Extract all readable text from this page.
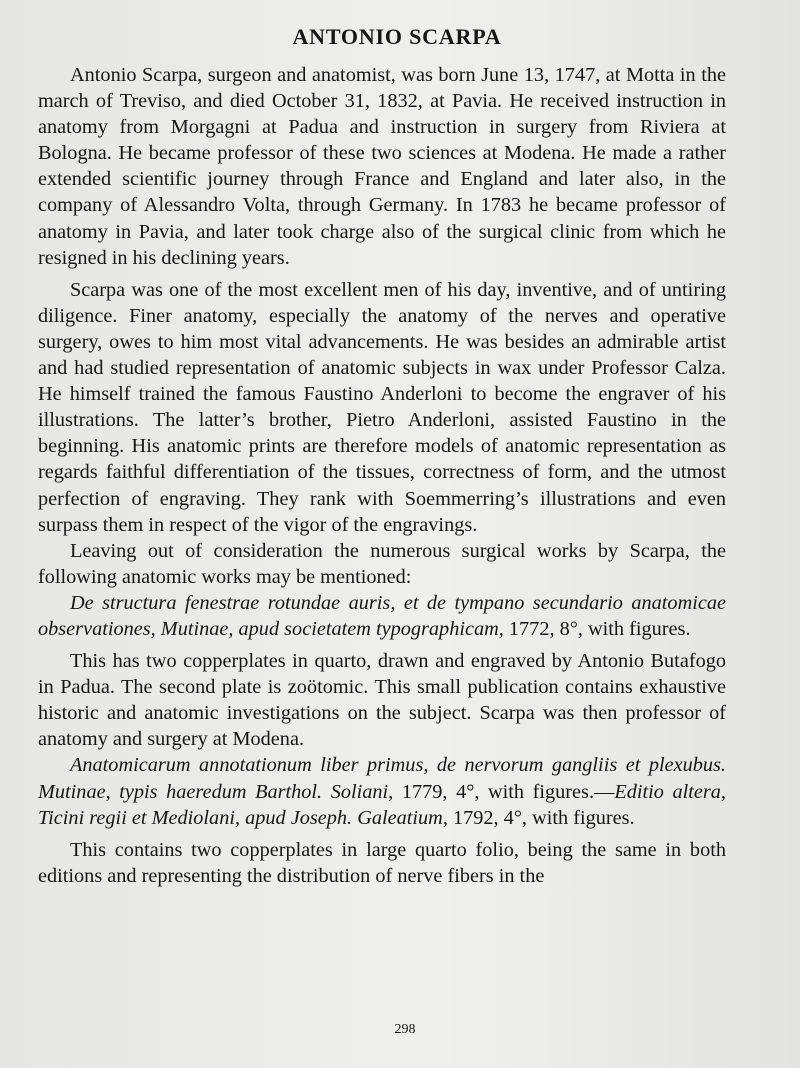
ANTONIO SCARPA

Antonio Scarpa, surgeon and anatomist, was born June 13, 1747, at Motta in the march of Treviso, and died October 31, 1832, at Pavia. He received instruction in anatomy from Morgagni at Padua and instruction in surgery from Riviera at Bologna. He became professor of these two sciences at Modena. He made a rather extended scientific journey through France and England and later also, in the company of Alessandro Volta, through Germany. In 1783 he became professor of anatomy in Pavia, and later took charge also of the surgical clinic from which he resigned in his declining years.

Scarpa was one of the most excellent men of his day, inventive, and of untiring diligence. Finer anatomy, especially the anatomy of the nerves and operative surgery, owes to him most vital advancements. He was besides an admirable artist and had studied representation of anatomic subjects in wax under Professor Calza. He himself trained the famous Faustino Anderloni to become the engraver of his illustrations. The latter’s brother, Pietro Anderloni, assisted Faustino in the beginning. His anatomic prints are therefore models of anatomic representation as regards faithful differentiation of the tissues, correctness of form, and the utmost perfection of engraving. They rank with Soemmerring’s illustrations and even surpass them in respect of the vigor of the engravings.

Leaving out of consideration the numerous surgical works by Scarpa, the following anatomic works may be mentioned:

De structura fenestrae rotundae auris, et de tympano secundario anatomicae observationes, Mutinae, apud societatem typographicam, 1772, 8°, with figures.

This has two copperplates in quarto, drawn and engraved by Antonio Butafogo in Padua. The second plate is zoötomic. This small publication contains exhaustive historic and anatomic investigations on the subject. Scarpa was then professor of anatomy and surgery at Modena.

Anatomicarum annotationum liber primus, de nervorum gangliis et plexubus. Mutinae, typis haeredum Barthol. Soliani, 1779, 4°, with figures.—Editio altera, Ticini regii et Mediolani, apud Joseph. Galeatium, 1792, 4°, with figures.

This contains two copperplates in large quarto folio, being the same in both editions and representing the distribution of nerve fibers in the

298
